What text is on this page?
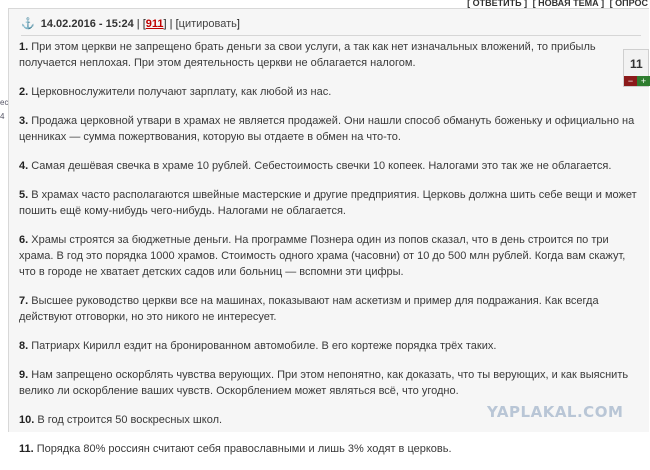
[ ОТВЕТИТЬ ] [ НОВАЯ ТЕМА ] [ ОПРОС
ес
4
⚓ 14.02.2016 - 15:24 | [911] | [цитировать]

1. При этом церкви не запрещено брать деньги за свои услуги, а так как нет изначальных вложений, то прибыль получается неплохая. При этом деятельность церкви не облагается налогом.

2. Церковнослужители получают зарплату, как любой из нас.

3. Продажа церковной утвари в храмах не является продажей. Они нашли способ обмануть боженьку и официально на ценниках — сумма пожертвования, которую вы отдаете в обмен на что-то.

4. Самая дешёвая свечка в храме 10 рублей. Себестоимость свечки 10 копеек. Налогами это так же не облагается.

5. В храмах часто располагаются швейные мастерские и другие предприятия. Церковь должна шить себе вещи и может пошить ещё кому-нибудь чего-нибудь. Налогами не облагается.

6. Храмы строятся за бюджетные деньги. На программе Познера один из попов сказал, что в день строится по три храма. В год это порядка 1000 храмов. Стоимость одного храма (часовни) от 10 до 500 млн рублей. Когда вам скажут, что в городе не хватает детских садов или больниц — вспомни эти цифры.

7. Высшее руководство церкви все на машинах, показывают нам аскетизм и пример для подражания. Как всегда действуют отговорки, но это никого не интересует.

8. Патриарх Кирилл ездит на бронированном автомобиле. В его кортеже порядка трёх таких.

9. Нам запрещено оскорблять чувства верующих. При этом непонятно, как доказать, что ты верующих, и как выяснить велико ли оскорбление ваших чувств. Оскорблением может являться всё, что угодно.

10. В год строится 50 воскресных школ.

11. Порядка 80% россиян считают себя православными и лишь 3% ходят в церковь.

11
− +
YAPLAKAL.COM
